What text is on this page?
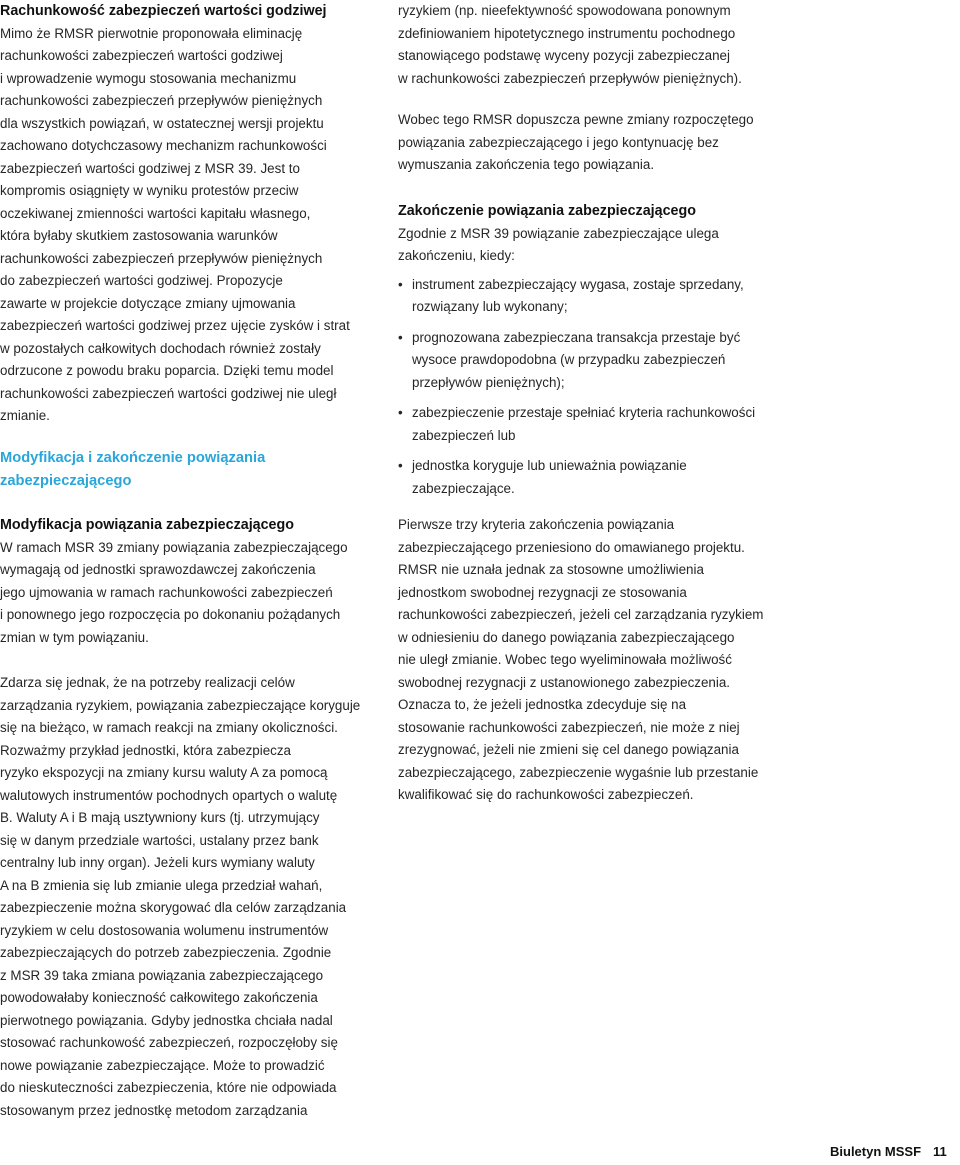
Rachunkowość zabezpieczeń wartości godziwej

Mimo że RMSR pierwotnie proponowała eliminację
rachunkowości zabezpieczeń wartości godziwej
i wprowadzenie wymogu stosowania mechanizmu
rachunkowości zabezpieczeń przepływów pieniężnych
dla wszystkich powiązań, w ostatecznej wersji projektu
zachowano dotychczasowy mechanizm rachunkowości
zabezpieczeń wartości godziwej z MSR 39. Jest to
kompromis osiągnięty w wyniku protestów przeciw
oczekiwanej zmienności wartości kapitału własnego,
która byłaby skutkiem zastosowania warunków
rachunkowości zabezpieczeń przepływów pieniężnych
do zabezpieczeń wartości godziwej. Propozycje
zawarte w projekcie dotyczące zmiany ujmowania
zabezpieczeń wartości godziwej przez ujęcie zysków i strat
w pozostałych całkowitych dochodach również zostały
odrzucone z powodu braku poparcia. Dzięki temu model
rachunkowości zabezpieczeń wartości godziwej nie uległ
zmianie.

Modyfikacja i zakończenie powiązania
zabezpieczającego
Modyfikacja powiązania zabezpieczającego

W ramach MSR 39 zmiany powiązania zabezpieczającego
wymagają od jednostki sprawozdawczej zakończenia
jego ujmowania w ramach rachunkowości zabezpieczeń
i ponownego jego rozpoczęcia po dokonaniu pożądanych
zmian w tym powiązaniu.

Zdarza się jednak, że na potrzeby realizacji celów
zarządzania ryzykiem, powiązania zabezpieczające koryguje
się na bieżąco, w ramach reakcji na zmiany okoliczności.
Rozważmy przykład jednostki, która zabezpiecza
ryzyko ekspozycji na zmiany kursu waluty A za pomocą
walutowych instrumentów pochodnych opartych o walutę
B. Waluty A i B mają usztywniony kurs (tj. utrzymujący
się w danym przedziale wartości, ustalany przez bank
centralny lub inny organ). Jeżeli kurs wymiany waluty
A na B zmienia się lub zmianie ulega przedział wahań,
zabezpieczenie można skorygować dla celów zarządzania
ryzykiem w celu dostosowania wolumenu instrumentów
zabezpieczających do potrzeb zabezpieczenia. Zgodnie
z MSR 39 taka zmiana powiązania zabezpieczającego
powodowałaby konieczność całkowitego zakończenia
pierwotnego powiązania. Gdyby jednostka chciała nadal
stosować rachunkowość zabezpieczeń, rozpoczęłoby się
nowe powiązanie zabezpieczające. Może to prowadzić
do nieskuteczności zabezpieczenia, które nie odpowiada
stosowanym przez jednostkę metodom zarządzania

ryzykiem (np. nieefektywność spowodowana ponownym
zdefiniowaniem hipotetycznego instrumentu pochodnego
stanowiącego podstawę wyceny pozycji zabezpieczanej
w rachunkowości zabezpieczeń przepływów pieniężnych).

Wobec tego RMSR dopuszcza pewne zmiany rozpoczętego
powiązania zabezpieczającego i jego kontynuację bez
wymuszania zakończenia tego powiązania.

Zakończenie powiązania zabezpieczającego

Zgodnie z MSR 39 powiązanie zabezpieczające ulega
zakończeniu, kiedy:

• instrument zabezpieczający wygasa, zostaje sprzedany,
rozwiązany lub wykonany;
• prognozowana zabezpieczana transakcja przestaje być
wysoce prawdopodobna (w przypadku zabezpieczeń
przepływów pieniężnych);
• zabezpieczenie przestaje spełniać kryteria rachunkowości
zabezpieczeń lub
• jednostka koryguje lub unieważnia powiązanie
zabezpieczające.

Pierwsze trzy kryteria zakończenia powiązania
zabezpieczającego przeniesiono do omawianego projektu.
RMSR nie uznała jednak za stosowne umożliwienia
jednostkom swobodnej rezygnacji ze stosowania
rachunkowości zabezpieczeń, jeżeli cel zarządzania ryzykiem
w odniesieniu do danego powiązania zabezpieczającego
nie uległ zmianie. Wobec tego wyeliminowała możliwość
swobodnej rezygnacji z ustanowionego zabezpieczenia.
Oznacza to, że jeżeli jednostka zdecyduje się na
stosowanie rachunkowości zabezpieczeń, nie może z niej
zrezygnować, jeżeli nie zmieni się cel danego powiązania
zabezpieczającego, zabezpieczenie wygaśnie lub przestanie
kwalifikować się do rachunkowości zabezpieczeń.

Biuletyn MSSF 11
